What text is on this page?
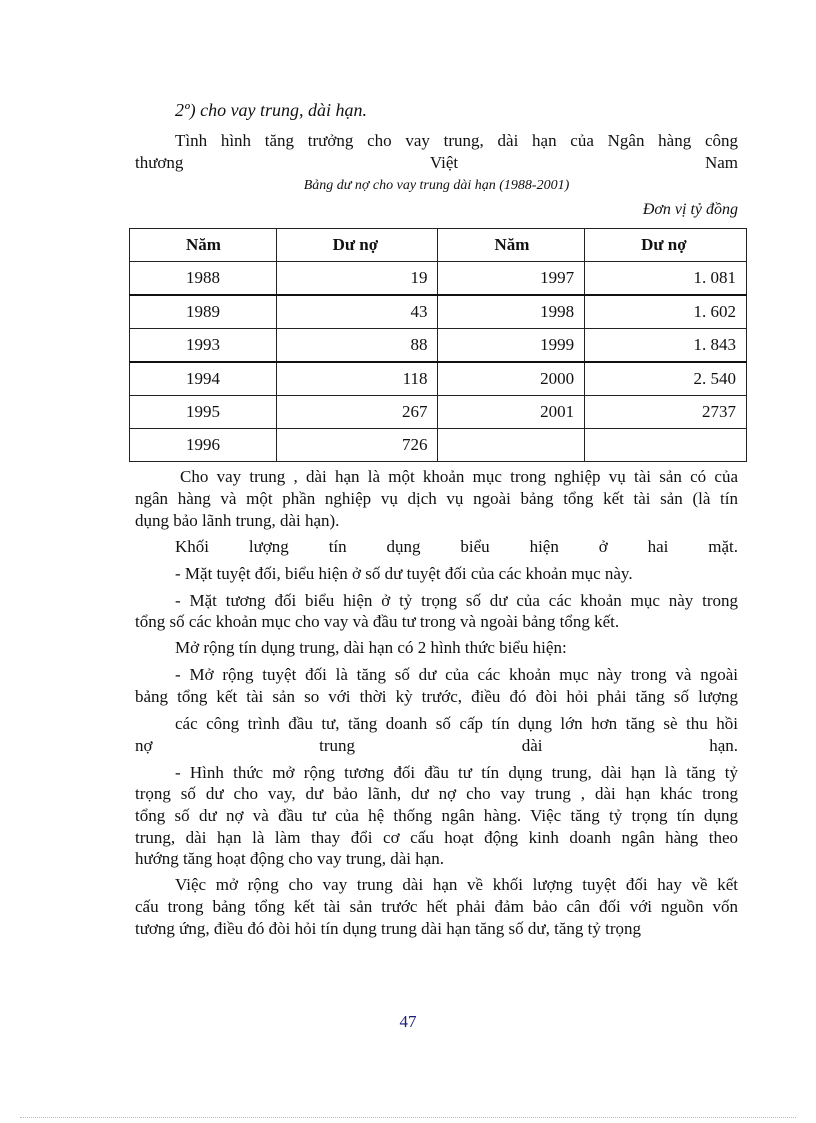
2º) cho vay trung, dài hạn.
Tình hình tăng trưởng cho vay trung, dài hạn của Ngân hàng công
thương Việt Nam
Bảng dư nợ cho vay trung dài hạn (1988-2001)
Đơn vị tỷ đồng
Năm	Dư nợ	Năm	Dư nợ
1988	19	1997	1. 081
1989	43	1998	1. 602
1993	88	1999	1. 843
1994	118	2000	2. 540
1995	267	2001	2737
1996	726		
Cho vay trung , dài hạn là một khoản mục trong nghiệp vụ tài sản có của
ngân hàng và một phần nghiệp vụ dịch vụ ngoài bảng tổng kết tài sản (là tín
dụng bảo lãnh trung, dài hạn).
Khối lượng tín dụng biểu hiện ở hai mặt.
- Mặt tuyệt đối, biểu hiện ở số dư tuyệt đối của các khoản mục này.
- Mặt tương đối biểu hiện ở tỷ trọng số dư của các khoản mục này trong
tổng số các khoản mục cho vay và đầu tư trong và ngoài bảng tổng kết.
Mở rộng tín dụng trung, dài hạn có 2 hình thức biểu hiện:
- Mở rộng tuyệt đối là tăng số dư của các khoản mục này trong và ngoài
bảng tổng kết tài sản so với thời kỳ trước, điều đó đòi hỏi phải tăng số lượng
các công trình đầu tư, tăng doanh số cấp tín dụng lớn hơn tăng sè thu hồi
nợ trung dài hạn.
- Hình thức mở rộng tương đối đầu tư tín dụng trung, dài hạn là tăng tỷ
trọng số dư cho vay, dư bảo lãnh, dư nợ cho vay trung , dài hạn khác trong
tổng số dư nợ và đầu tư của hệ thống ngân hàng. Việc tăng tỷ trọng tín dụng
trung, dài hạn là làm thay đổi cơ cấu hoạt động kinh doanh ngân hàng theo
hướng tăng hoạt động cho vay trung, dài hạn.
Việc mở rộng cho vay trung dài hạn về khối lượng tuyệt đối hay về kết
cấu trong bảng tổng kết tài sản trước hết phải đảm bảo cân đối với nguồn vốn
tương ứng, điều đó đòi hỏi tín dụng trung dài hạn tăng số dư, tăng tỷ trọng
47
